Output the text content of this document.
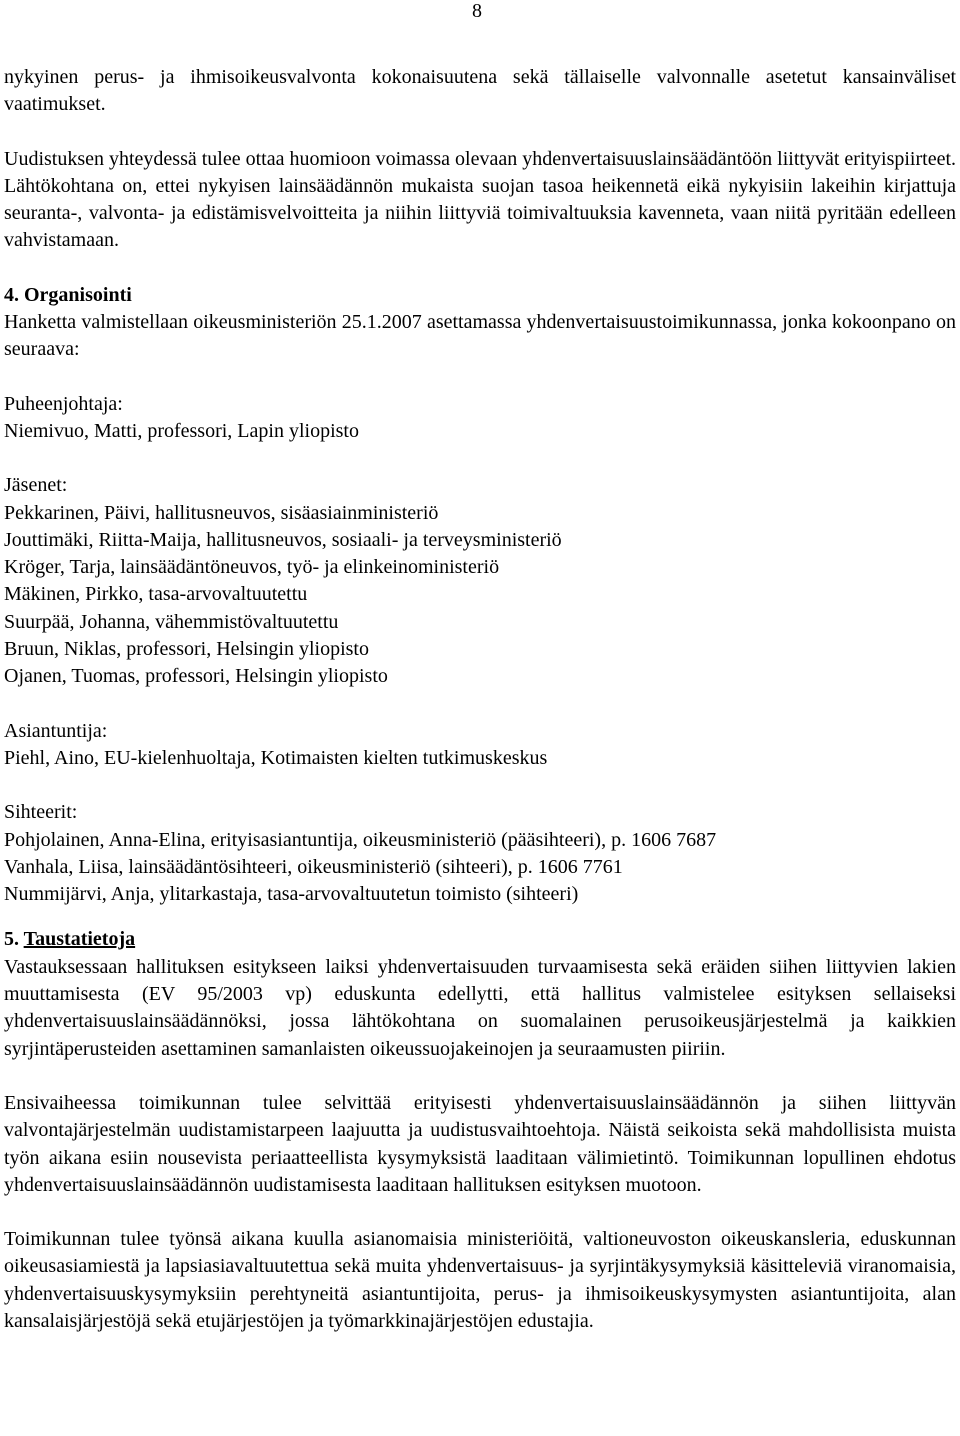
8

nykyinen perus- ja ihmisoikeusvalvonta kokonaisuutena sekä tällaiselle valvonnalle asetetut kansainväliset vaatimukset.

Uudistuksen yhteydessä tulee ottaa huomioon voimassa olevaan yhdenvertaisuuslainsäädäntöön liittyvät erityispiirteet. Lähtökohtana on, ettei nykyisen lainsäädännön mukaista suojan tasoa heikennetä eikä nykyisiin lakeihin kirjattuja seuranta-, valvonta- ja edistämisvelvoitteita ja niihin liittyviä toimivaltuuksia kavenneta, vaan niitä pyritään edelleen vahvistamaan.

4. Organisointi

Hanketta valmistellaan oikeusministeriön 25.1.2007 asettamassa yhdenvertaisuustoimikunnassa, jonka kokoonpano on seuraava:

Puheenjohtaja:
Niemivuo, Matti, professori, Lapin yliopisto
Jäsenet:
Pekkarinen, Päivi, hallitusneuvos, sisäasiainministeriö
Jouttimäki, Riitta-Maija, hallitusneuvos, sosiaali- ja terveysministeriö
Kröger, Tarja, lainsäädäntöneuvos, työ- ja elinkeinoministeriö
Mäkinen, Pirkko, tasa-arvovaltuutettu
Suurpää, Johanna, vähemmistövaltuutettu
Bruun, Niklas, professori, Helsingin yliopisto
Ojanen, Tuomas, professori, Helsingin yliopisto
Asiantuntija:
Piehl, Aino, EU-kielenhuoltaja, Kotimaisten kielten tutkimuskeskus
Sihteerit:
Pohjolainen, Anna-Elina, erityisasiantuntija, oikeusministeriö (pääsihteeri), p. 1606 7687
Vanhala, Liisa, lainsäädäntösihteeri, oikeusministeriö (sihteeri), p. 1606 7761
Nummijärvi, Anja, ylitarkastaja, tasa-arvovaltuutetun toimisto (sihteeri)
5. Taustatietoja

Vastauksessaan hallituksen esitykseen laiksi yhdenvertaisuuden turvaamisesta sekä eräiden siihen liittyvien lakien muuttamisesta (EV 95/2003 vp) eduskunta edellytti, että hallitus valmistelee esityksen sellaiseksi yhdenvertaisuuslainsäädännöksi, jossa lähtökohtana on suomalainen perusoikeusjärjestelmä ja kaikkien syrjintäperusteiden asettaminen samanlaisten oikeussuojakeinojen ja seuraamusten piiriin.

Ensivaiheessa toimikunnan tulee selvittää erityisesti yhdenvertaisuuslainsäädännön ja siihen liittyvän valvontajärjestelmän uudistamistarpeen laajuutta ja uudistusvaihtoehtoja. Näistä seikoista sekä mahdollisista muista työn aikana esiin nousevista periaatteellista kysymyksistä laaditaan välimietintö. Toimikunnan lopullinen ehdotus yhdenvertaisuuslainsäädännön uudistamisesta laaditaan hallituksen esityksen muotoon.

Toimikunnan tulee työnsä aikana kuulla asianomaisia ministeriöitä, valtioneuvoston oikeuskansleria, eduskunnan oikeusasiamiestä ja lapsiasiavaltuutettua sekä muita yhdenvertaisuus- ja syrjintäkysymyksiä käsitteleviä viranomaisia, yhdenvertaisuuskysymyksiin perehtyneitä asiantuntijoita, perus- ja ihmisoikeuskysymysten asiantuntijoita, alan kansalaisjärjestöjä sekä etujärjestöjen ja työmarkkinajärjestöjen edustajia.
